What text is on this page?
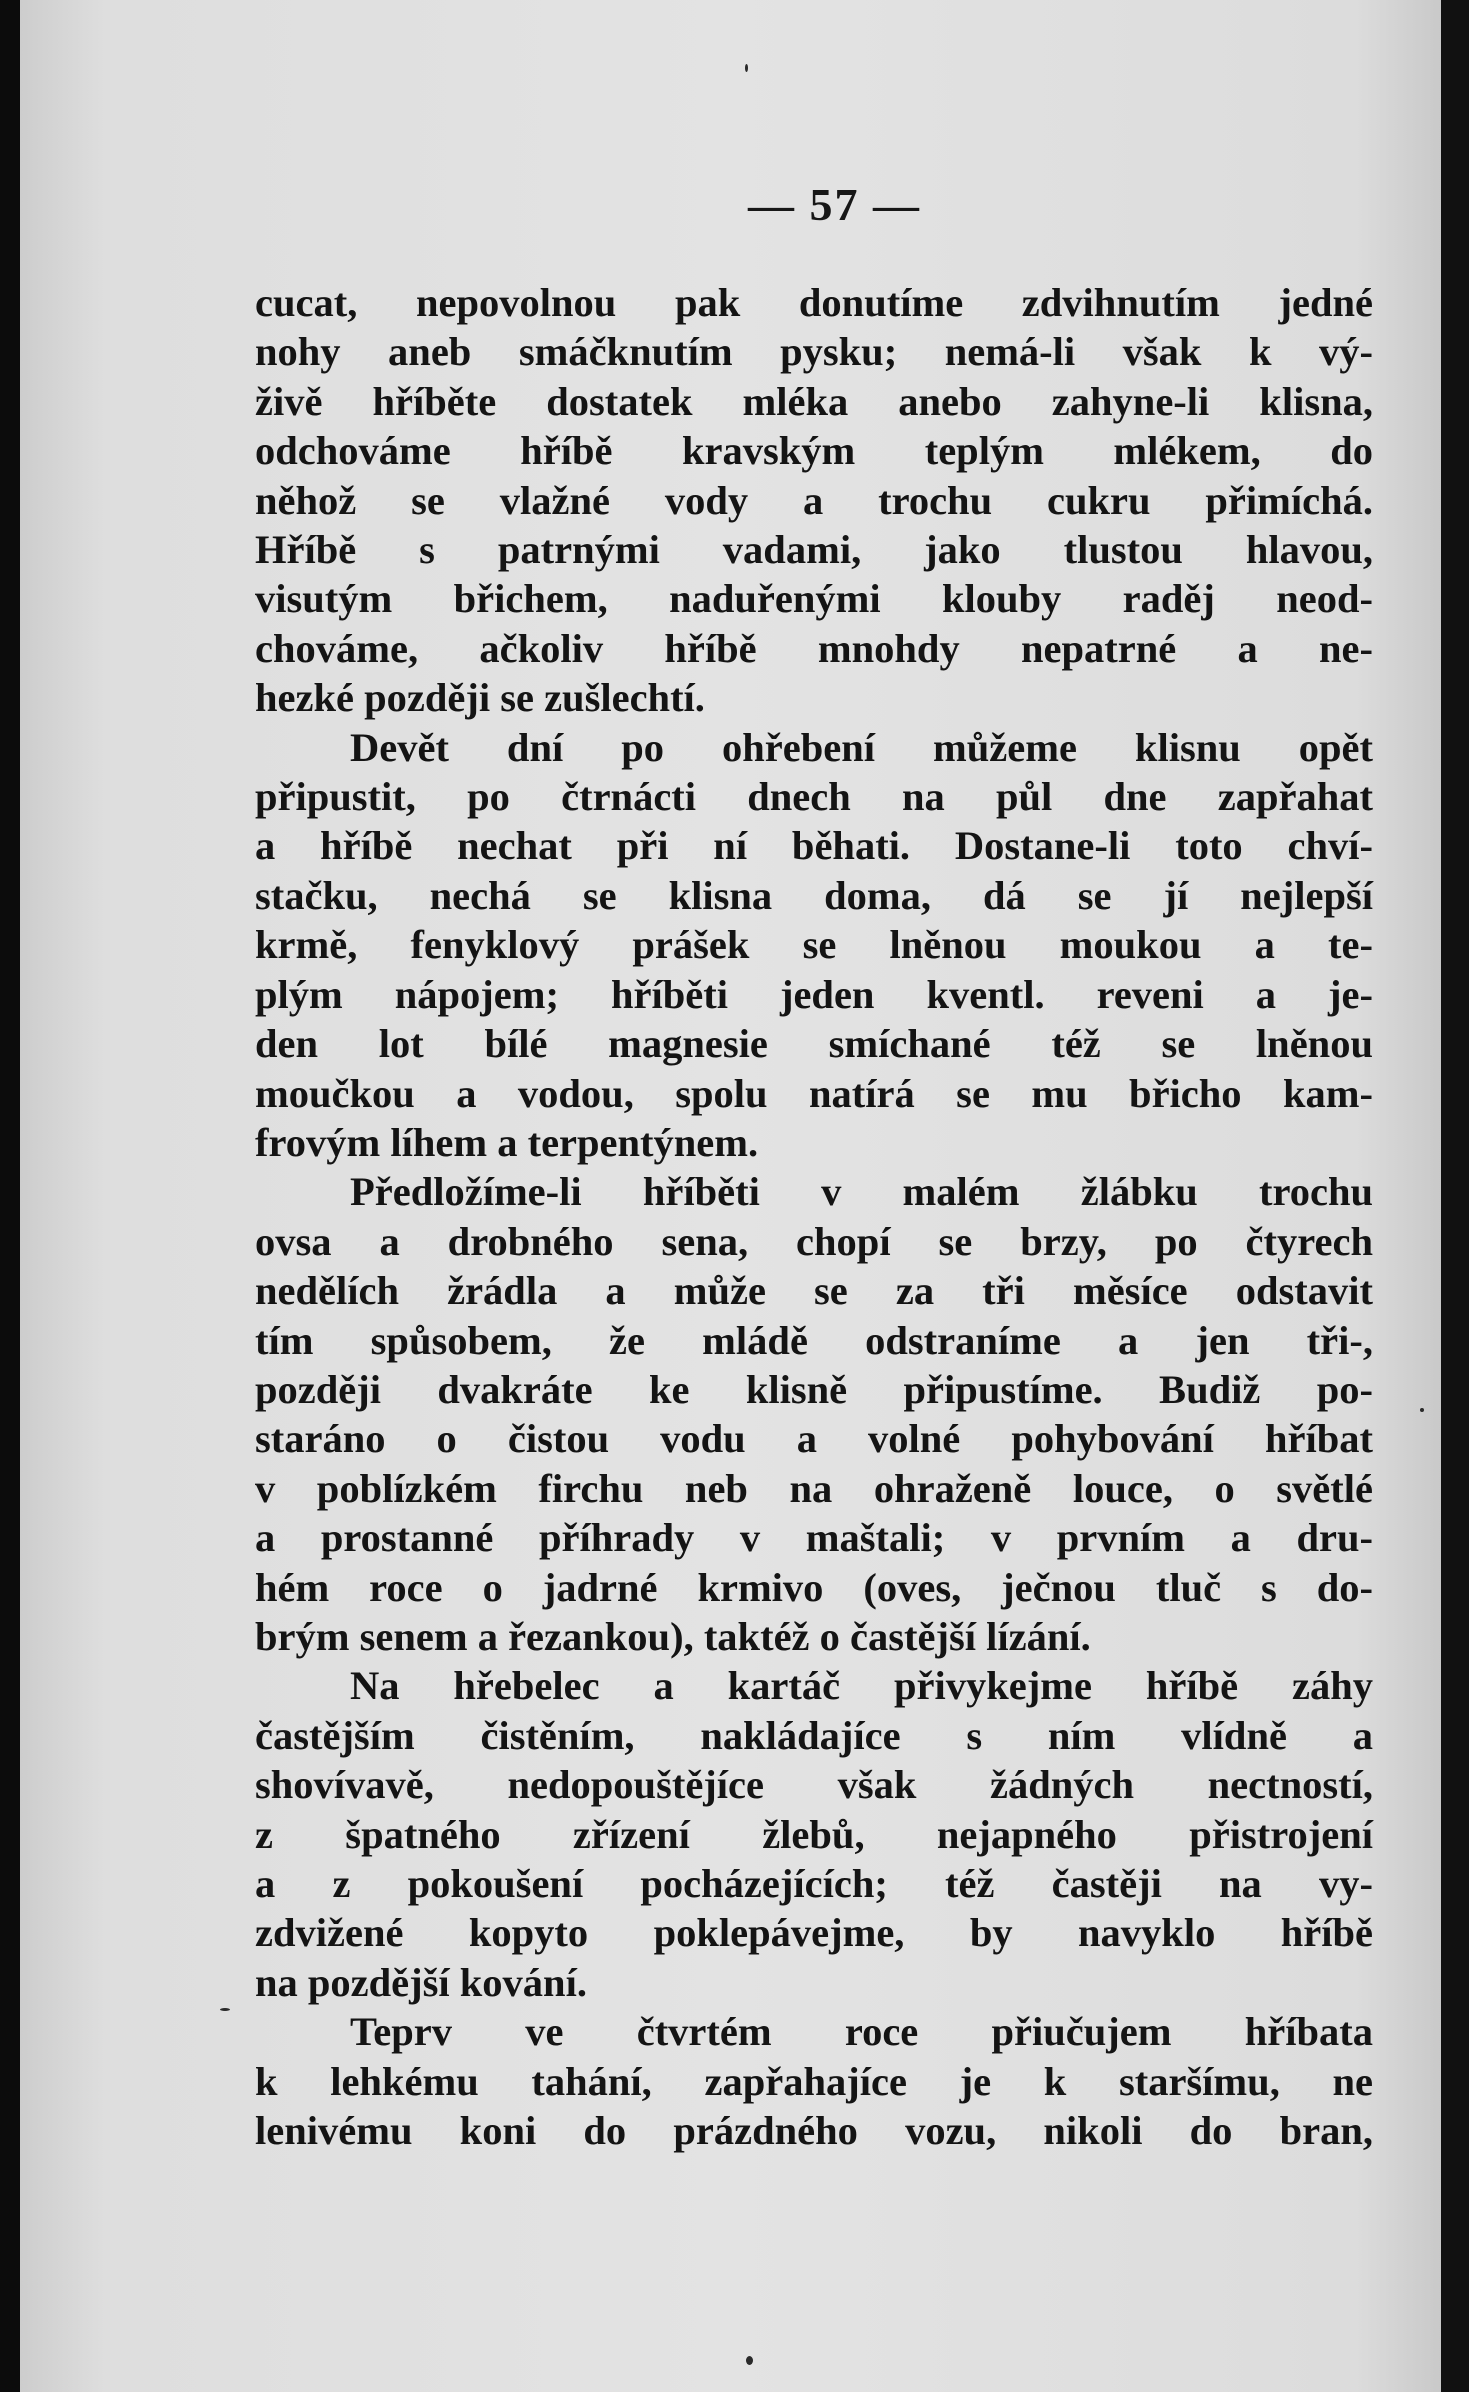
— 57 —

cucat, nepovolnou pak donutíme zdvihnutím jedné
nohy aneb smáčknutím pysku; nemá-li však k vý-
živě hříběte dostatek mléka anebo zahyne-li klisna,
odchováme hříbě kravským teplým mlékem, do
něhož se vlažné vody a trochu cukru přimíchá.
Hříbě s patrnými vadami, jako tlustou hlavou,
visutým břichem, naduřenými klouby raděj neod-
chováme, ačkoliv hříbě mnohdy nepatrné a ne-
hezké později se zušlechtí.

Devět dní po ohřebení můžeme klisnu opět
připustit, po čtrnácti dnech na půl dne zapřahat
a hříbě nechat při ní běhati. Dostane-li toto chví-
stačku, nechá se klisna doma, dá se jí nejlepší
krmě, fenyklový prášek se lněnou moukou a te-
plým nápojem; hříběti jeden kventl. reveni a je-
den lot bílé magnesie smíchané též se lněnou
moučkou a vodou, spolu natírá se mu břicho kam-
frovým líhem a terpentýnem.

Předložíme-li hříběti v malém žlábku trochu
ovsa a drobného sena, chopí se brzy, po čtyrech
nedělích žrádla a může se za tři měsíce odstavit
tím spůsobem, že mládě odstraníme a jen tři-,
později dvakráte ke klisně připustíme. Budiž po-
staráno o čistou vodu a volné pohybování hříbat
v poblízkém firchu neb na ohraženě louce, o světlé
a prostanné příhrady v maštali; v prvním a dru-
hém roce o jadrné krmivo (oves, ječnou tluč s do-
brým senem a řezankou), taktéž o častější lízání.

Na hřebelec a kartáč přivykejme hříbě záhy
častějším čistěním, nakládajíce s ním vlídně a
shovívavě, nedopouštějíce však žádných nectností,
z špatného zřízení žlebů, nejapného přistrojení
a z pokoušení pocházejících; též častěji na vy-
zdvižené kopyto poklepávejme, by navyklo hříbě
na pozdější kování.

Teprv ve čtvrtém roce přiučujem hříbata
k lehkému tahání, zapřahajíce je k staršímu, ne
lenivému koni do prázdného vozu, nikoli do bran,
